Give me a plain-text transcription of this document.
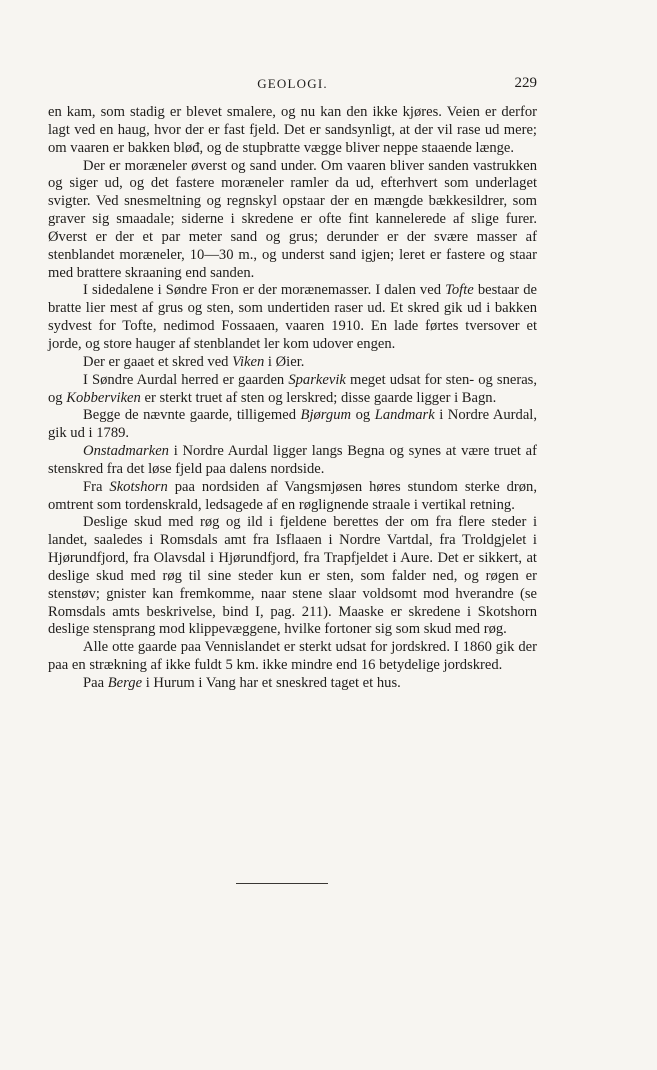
GEOLOGI.	229

en kam, som stadig er blevet smalere, og nu kan den ikke kjøres. Veien er derfor lagt ved en haug, hvor der er fast fjeld. Det er sandsynligt, at der vil rase ud mere; om vaaren er bakken bløđ, og de stupbratte vægge bliver neppe staaende længe.

Der er moræneler øverst og sand under. Om vaaren bliver sanden vastrukken og siger ud, og det fastere moræneler ramler da ud, efterhvert som underlaget svigter. Ved snesmeltning og regnskyl opstaar der en mængde bækkesildrer, som graver sig smaadale; siderne i skredene er ofte fint kannelerede af slige furer. Øverst er der et par meter sand og grus; derunder er der svære masser af stenblandet moræneler, 10—30 m., og underst sand igjen; leret er fastere og staar med brattere skraaning end sanden.

I sidedalene i Søndre Fron er der morænemasser. I dalen ved Tofte bestaar de bratte lier mest af grus og sten, som undertiden raser ud. Et skred gik ud i bakken sydvest for Tofte, nedimod Fossaaen, vaaren 1910. En lade førtes tversover et jorde, og store hauger af stenblandet ler kom udover engen.

Der er gaaet et skred ved Viken i Øier.

I Søndre Aurdal herred er gaarden Sparkevik meget udsat for sten- og sneras, og Kobberviken er sterkt truet af sten og lerskred; disse gaarde ligger i Bagn.

Begge de nævnte gaarde, tilligemed Bjørgum og Landmark i Nordre Aurdal, gik ud i 1789.

Onstadmarken i Nordre Aurdal ligger langs Begna og synes at være truet af stenskred fra det løse fjeld paa dalens nordside.

Fra Skotshorn paa nordsiden af Vangsmjøsen høres stundom sterke drøn, omtrent som tordenskrald, ledsagede af en røglignende straale i vertikal retning.

Deslige skud med røg og ild i fjeldene berettes der om fra flere steder i landet, saaledes i Romsdals amt fra Isflaaen i Nordre Vartdal, fra Troldgjelet i Hjørundfjord, fra Olavsdal i Hjørundfjord, fra Trapfjeldet i Aure. Det er sikkert, at deslige skud med røg til sine steder kun er sten, som falder ned, og røgen er stenstøv; gnister kan fremkomme, naar stene slaar voldsomt mod hverandre (se Romsdals amts beskrivelse, bind I, pag. 211). Maaske er skredene i Skotshorn deslige stensprang mod klippevæggene, hvilke fortoner sig som skud med røg.

Alle otte gaarde paa Vennislandet er sterkt udsat for jordskred. I 1860 gik der paa en strækning af ikke fuldt 5 km. ikke mindre end 16 betydelige jordskred.

Paa Berge i Hurum i Vang har et sneskred taget et hus.
